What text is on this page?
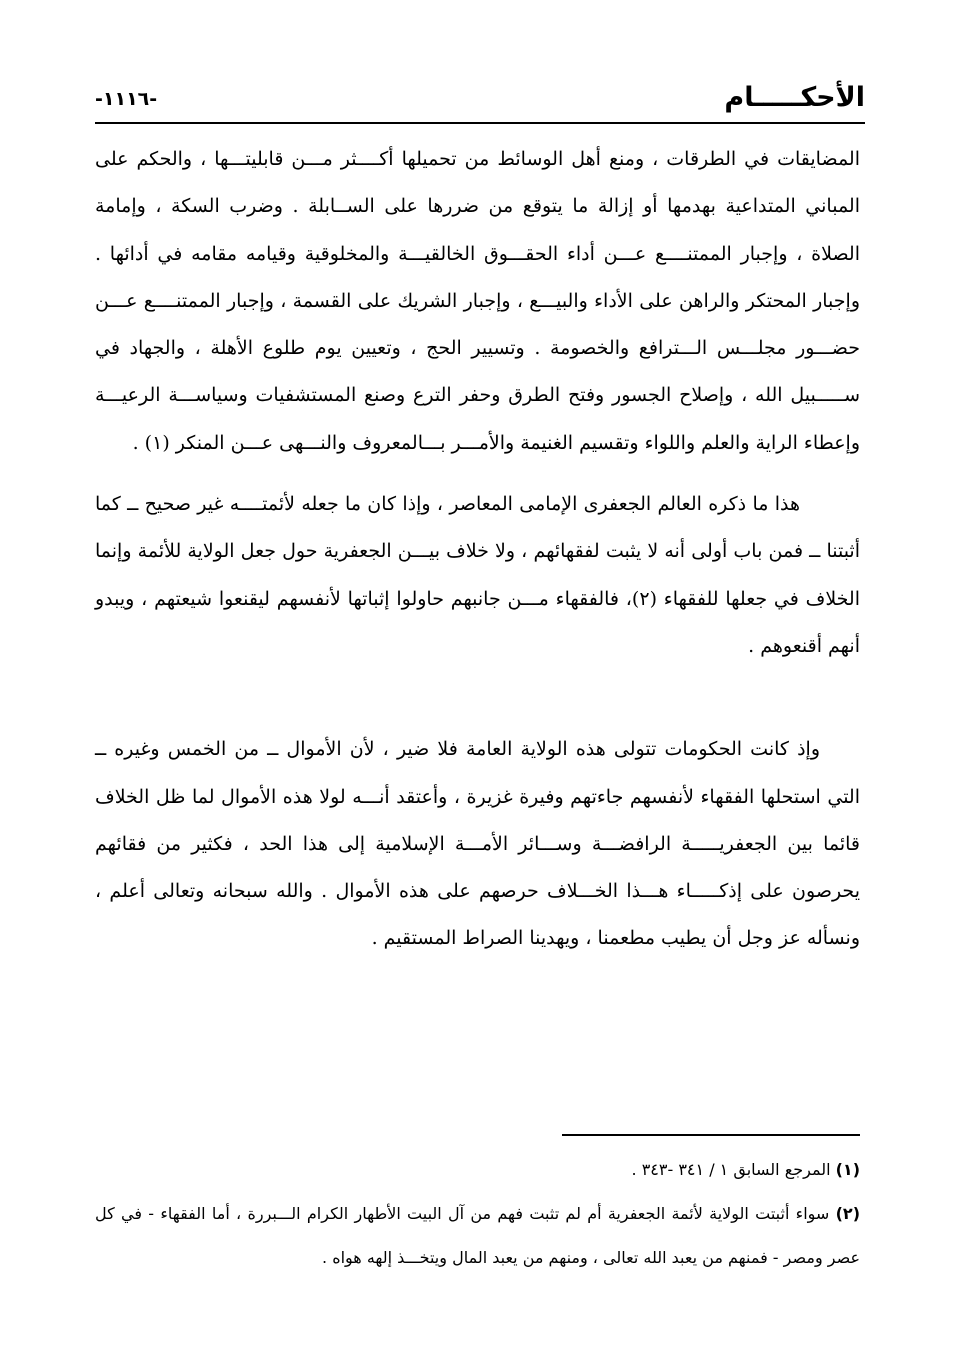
الأحكـــــام
-١١١٦-

المضايقات في الطرقات ، ومنع أهل الوسائط من تحميلها أكــــثر مـــن قابليتـــها ، والحكم على المباني المتداعية بهدمها أو إزالة ما يتوقع من ضررها على الســابلة . وضرب السكة ، وإمامة الصلاة ، وإجبار الممتنــــع عـــن أداء الحقـــوق الخالقيـــة والمخلوقية وقيامه مقامه في أدائها . وإجبار المحتكر والراهن على الأداء والبيـــع ، وإجبار الشريك على القسمة ، وإجبار الممتنــــع عـــن حضـــور مجلـــس الـــترافع والخصومة . وتسيير الحج ، وتعيين يوم طلوع الأهلة ، والجهاد في ســـــبيل الله ، وإصلاح الجسور وفتح الطرق وحفر الترع وصنع المستشفيات وسياســـة الرعيـــة وإعطاء الراية والعلم واللواء وتقسيم الغنيمة والأمـــر بـــالمعروف والنـــهى عـــن المنكر (١) .

هذا ما ذكره العالم الجعفرى الإمامى المعاصر ، وإذا كان ما جعله لأئمتــــه غير صحيح ــ كما أثبتنا ــ فمن باب أولى أنه لا يثبت لفقهائهم ، ولا خلاف بيـــن الجعفرية حول جعل الولاية للأئمة وإنما الخلاف في جعلها للفقهاء (٢)، فالفقهاء مـــن جانبهم حاولوا إثباتها لأنفسهم ليقنعوا شيعتهم ، ويبدو أنهم أقنعوهم .

وإذ كانت الحكومات تتولى هذه الولاية العامة فلا ضير ، لأن الأموال ــ من الخمس وغيره ــ التي استحلها الفقهاء لأنفسهم جاءتهم وفيرة غزيرة ، وأعتقد أنـــه لولا هذه الأموال لما ظل الخلاف قائما بين الجعفريـــــة الرافضـــة وســـائر الأمـــة الإسلامية إلى هذا الحد ، فكثير من فقائهم يحرصون على إذكـــــاء هـــذا الخـــلاف حرصهم على هذه الأموال . والله سبحانه وتعالى أعلم ، ونسأله عز وجل أن يطيب مطعمنا ، ويهدينا الصراط المستقيم .

(١) المرجع السابق ١ / ٣٤١ -٣٤٣ .

(٢) سواء أثبتت الولاية لأئمة الجعفرية أم لم تثبت فهم من آل البيت الأطهار الكرام الـــبررة ، أما الفقهاء - في كل عصر ومصر - فمنهم من يعبد الله تعالى ، ومنهم من يعبد المال ويتخـــذ إلهه هواه .
